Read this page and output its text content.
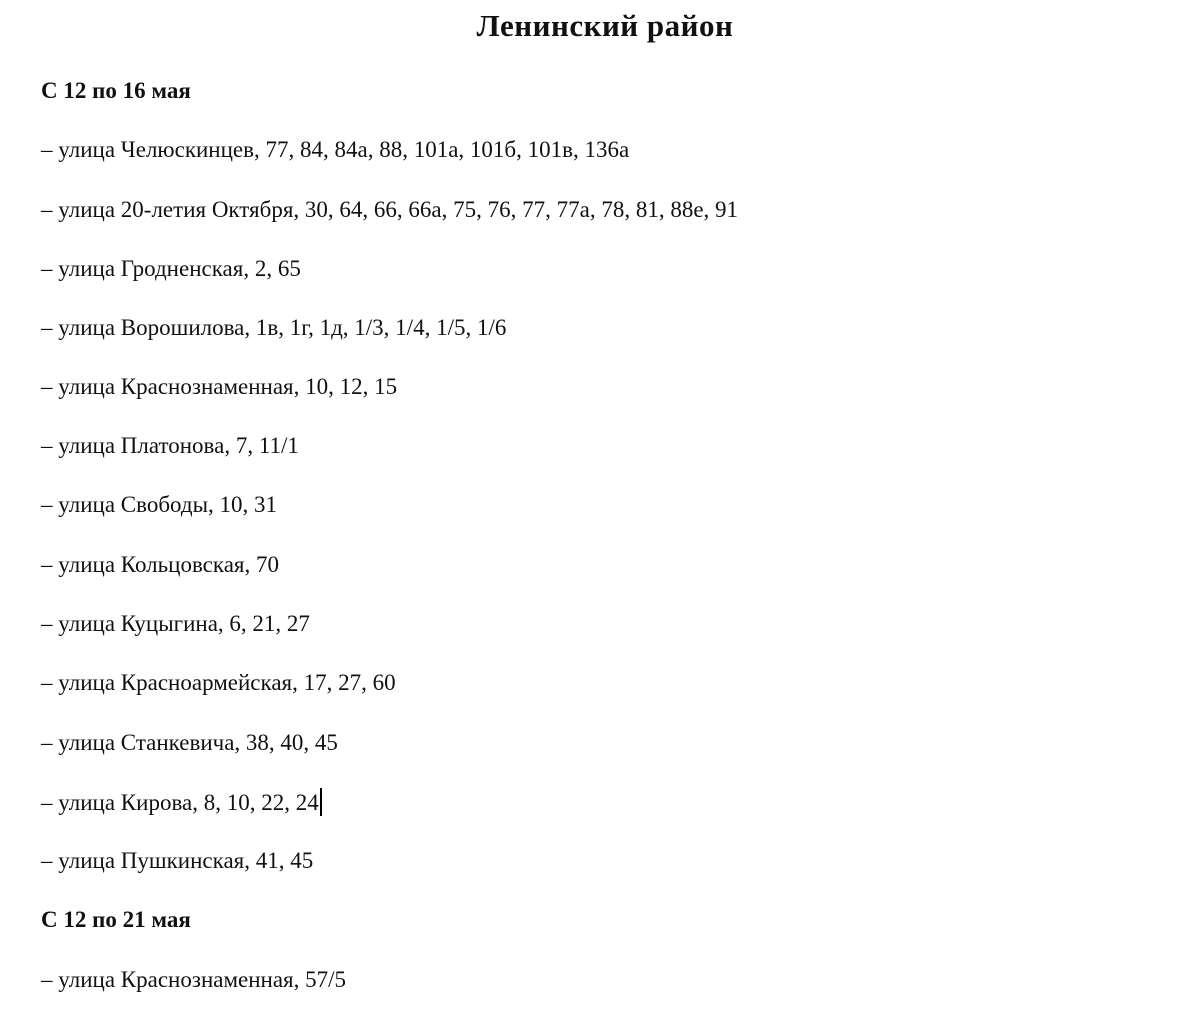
Ленинский район
С 12 по 16 мая
– улица Челюскинцев, 77, 84, 84а, 88, 101а, 101б, 101в, 136а
– улица 20-летия Октября, 30, 64, 66, 66а, 75, 76, 77, 77а, 78, 81, 88е, 91
– улица Гродненская, 2, 65
– улица Ворошилова, 1в, 1г, 1д, 1/3, 1/4, 1/5, 1/6
– улица Краснознаменная, 10, 12, 15
– улица Платонова, 7, 11/1
– улица Свободы, 10, 31
– улица Кольцовская, 70
– улица Куцыгина, 6, 21, 27
– улица Красноармейская, 17, 27, 60
– улица Станкевича, 38, 40, 45
– улица Кирова, 8, 10, 22, 24
– улица Пушкинская, 41, 45
С 12 по 21 мая
– улица Краснознаменная, 57/5
